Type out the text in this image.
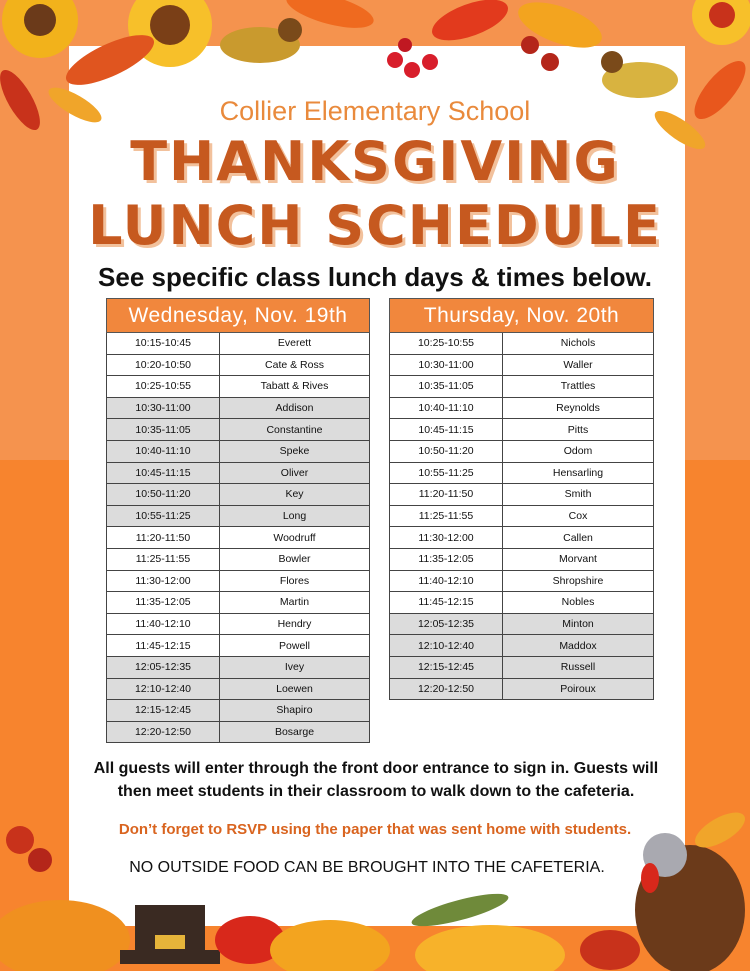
Collier Elementary School
THANKSGIVING
LUNCH SCHEDULE
See specific class lunch days & times below.
Wednesday, Nov. 19th	
10:15-10:45	Everett
10:20-10:50	Cate & Ross
10:25-10:55	Tabatt & Rives
10:30-11:00	Addison
10:35-11:05	Constantine
10:40-11:10	Speke
10:45-11:15	Oliver
10:50-11:20	Key
10:55-11:25	Long
11:20-11:50	Woodruff
11:25-11:55	Bowler
11:30-12:00	Flores
11:35-12:05	Martin
11:40-12:10	Hendry
11:45-12:15	Powell
12:05-12:35	Ivey
12:10-12:40	Loewen
12:15-12:45	Shapiro
12:20-12:50	Bosarge
Thursday, Nov. 20th	
10:25-10:55	Nichols
10:30-11:00	Waller
10:35-11:05	Trattles
10:40-11:10	Reynolds
10:45-11:15	Pitts
10:50-11:20	Odom
10:55-11:25	Hensarling
11:20-11:50	Smith
11:25-11:55	Cox
11:30-12:00	Callen
11:35-12:05	Morvant
11:40-12:10	Shropshire
11:45-12:15	Nobles
12:05-12:35	Minton
12:10-12:40	Maddox
12:15-12:45	Russell
12:20-12:50	Poiroux
All guests will enter through the front door entrance to sign in. Guests will then meet students in their classroom to walk down to the cafeteria.
Don’t forget to RSVP using the paper that was sent home with students.
NO OUTSIDE FOOD CAN BE BROUGHT INTO THE CAFETERIA.
